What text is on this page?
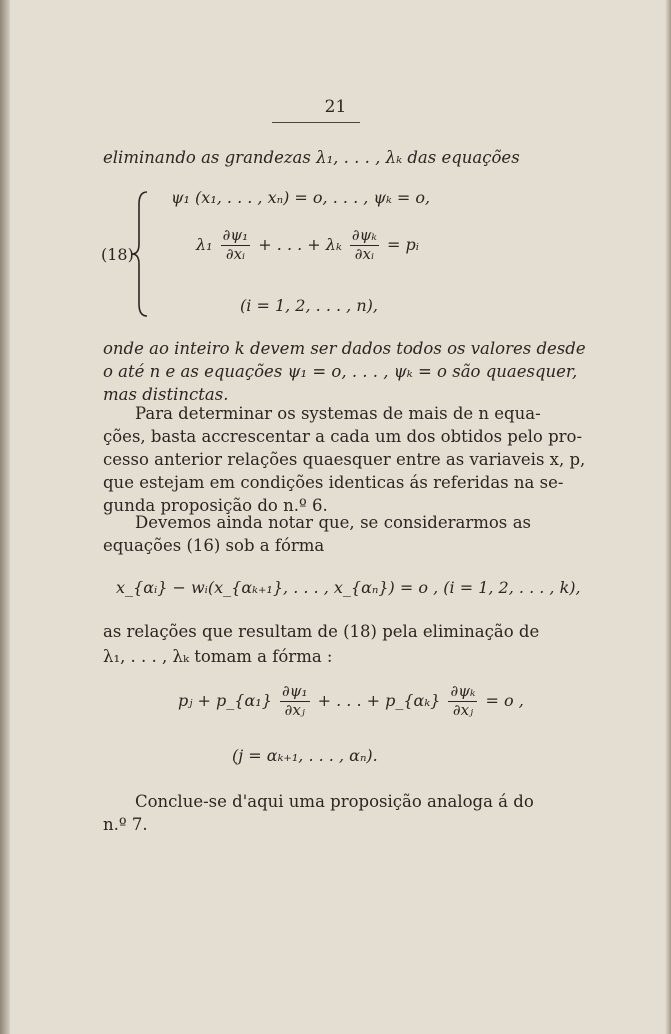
21
eliminando as grandezas λ₁, . . . , λₖ das equações
(18)
ψ₁ (x₁, . . . , xₙ) = o, . . . , ψₖ = o,
$\lambda_1 \frac{\text{∂ψ₁}}{\text{∂xᵢ}}$ + . . . + λₖ $\frac{\text{∂ψₖ}}{\text{∂xᵢ}}$ = pᵢ
(i = 1, 2, . . . , n),
onde ao inteiro k devem ser dados todos os valores desde
o até n e as equações ψ₁ = o, . . . , ψₖ = o são quaesquer,
mas distinctas.
Para determinar os systemas de mais de n equa-
ções, basta accrescentar a cada um dos obtidos pelo pro-
cesso anterior relações quaesquer entre as variaveis x, p,
que estejam em condições identicas ás referidas na se-
gunda proposição do n.º 6.
Devemos ainda notar que, se considerarmos as
equações (16) sob a fórma
x_{αᵢ} − wᵢ(x_{αₖ₊₁}, . . . , x_{αₙ}) = o , (i = 1, 2, . . . , k),
as relações que resultam de (18) pela eliminação de
λ₁, . . . , λₖ tomam a fórma :
pⱼ + p_{α₁} $\frac{\text{∂ψ₁}}{\text{∂xⱼ}}$ + . . . + p_{αₖ} $\frac{\text{∂ψₖ}}{\text{∂xⱼ}} = o$ ,
(j = αₖ₊₁, . . . , αₙ).
Conclue-se d'aqui uma proposição analoga á do
n.º 7.
